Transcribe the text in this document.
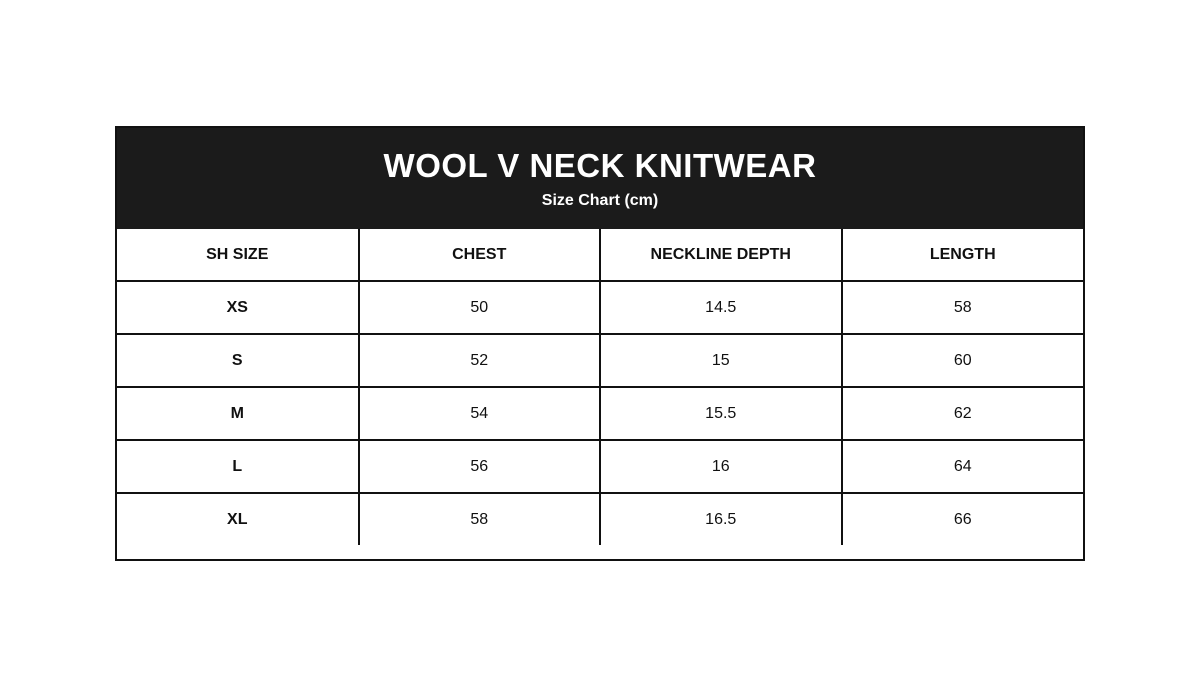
WOOL V NECK KNITWEAR
Size Chart (cm)
SH SIZE	CHEST	NECKLINE DEPTH	LENGTH
XS	50	14.5	58
S	52	15	60
M	54	15.5	62
L	56	16	64
XL	58	16.5	66
